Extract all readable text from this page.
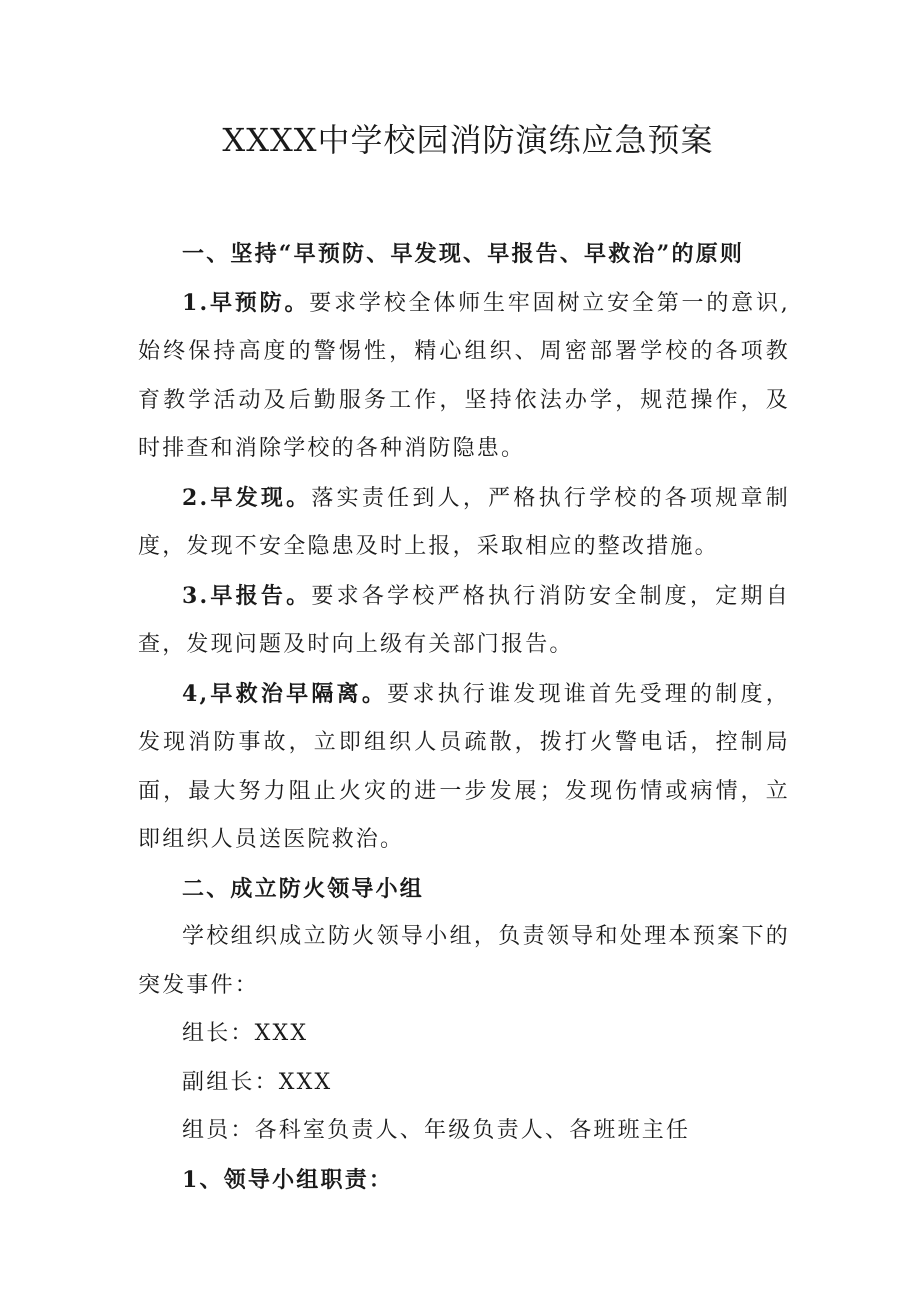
XXXX中学校园消防演练应急预案

一、坚持“早预防、早发现、早报告、早救治”的原则

1.早预防。要求学校全体师生牢固树立安全第一的意识,始终保持高度的警惕性，精心组织、周密部署学校的各项教育教学活动及后勤服务工作，坚持依法办学，规范操作，及时排查和消除学校的各种消防隐患。

2.早发现。落实责任到人，严格执行学校的各项规章制度，发现不安全隐患及时上报，采取相应的整改措施。

3.早报告。要求各学校严格执行消防安全制度，定期自查，发现问题及时向上级有关部门报告。

4,早救治早隔离。要求执行谁发现谁首先受理的制度，发现消防事故，立即组织人员疏散，拨打火警电话，控制局面，最大努力阻止火灾的进一步发展；发现伤情或病情，立即组织人员送医院救治。

二、成立防火领导小组

学校组织成立防火领导小组，负责领导和处理本预案下的突发事件：

组长：XXX

副组长：XXX

组员：各科室负责人、年级负责人、各班班主任

1、领导小组职责：
